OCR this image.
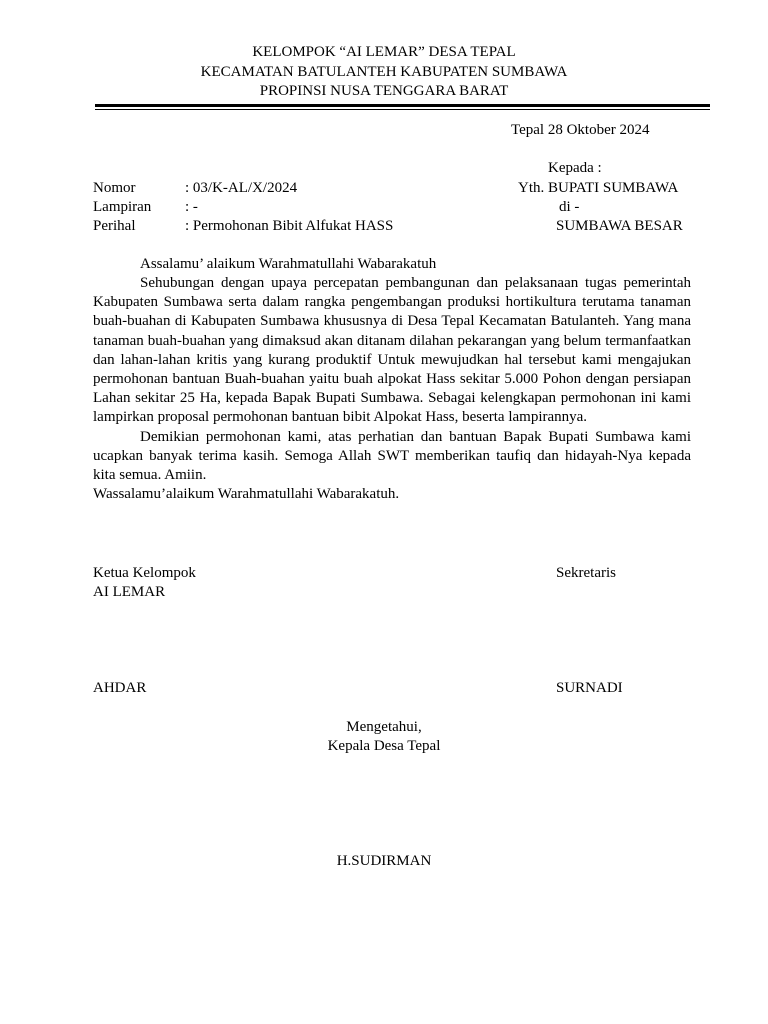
KELOMPOK “AI LEMAR” DESA TEPAL
KECAMATAN BATULANTEH KABUPATEN SUMBAWA
PROPINSI NUSA TENGGARA BARAT
Tepal 28 Oktober 2024
Kepada :
Yth. BUPATI SUMBAWA
di -
SUMBAWA BESAR
Nomor	: 03/K-AL/X/2024
Lampiran : -
Perihal	: Permohonan Bibit Alfukat HASS
Assalamu’ alaikum Warahmatullahi Wabarakatuh

Sehubungan dengan upaya percepatan pembangunan dan pelaksanaan tugas pemerintah Kabupaten Sumbawa serta dalam rangka pengembangan produksi hortikultura terutama tanaman buah-buahan di Kabupaten Sumbawa khususnya di Desa Tepal Kecamatan Batulanteh. Yang mana tanaman buah-buahan yang dimaksud akan ditanam dilahan pekarangan yang belum termanfaatkan dan lahan-lahan kritis yang kurang produktif Untuk mewujudkan hal tersebut kami mengajukan permohonan bantuan Buah-buahan yaitu buah alpokat Hass sekitar 5.000 Pohon dengan persiapan Lahan sekitar 25 Ha, kepada Bapak Bupati Sumbawa. Sebagai kelengkapan permohonan ini kami lampirkan proposal permohonan bantuan bibit Alpokat Hass, beserta lampirannya.

Demikian permohonan kami, atas perhatian dan bantuan Bapak Bupati Sumbawa kami ucapkan banyak terima kasih. Semoga Allah SWT memberikan taufiq dan hidayah-Nya kepada kita semua. Amiin.

Wassalamu’alaikum Warahmatullahi Wabarakatuh.

Ketua Kelompok
AI LEMAR
Sekretaris
AHDAR	SURNADI
Mengetahui,
Kepala Desa Tepal
H.SUDIRMAN
